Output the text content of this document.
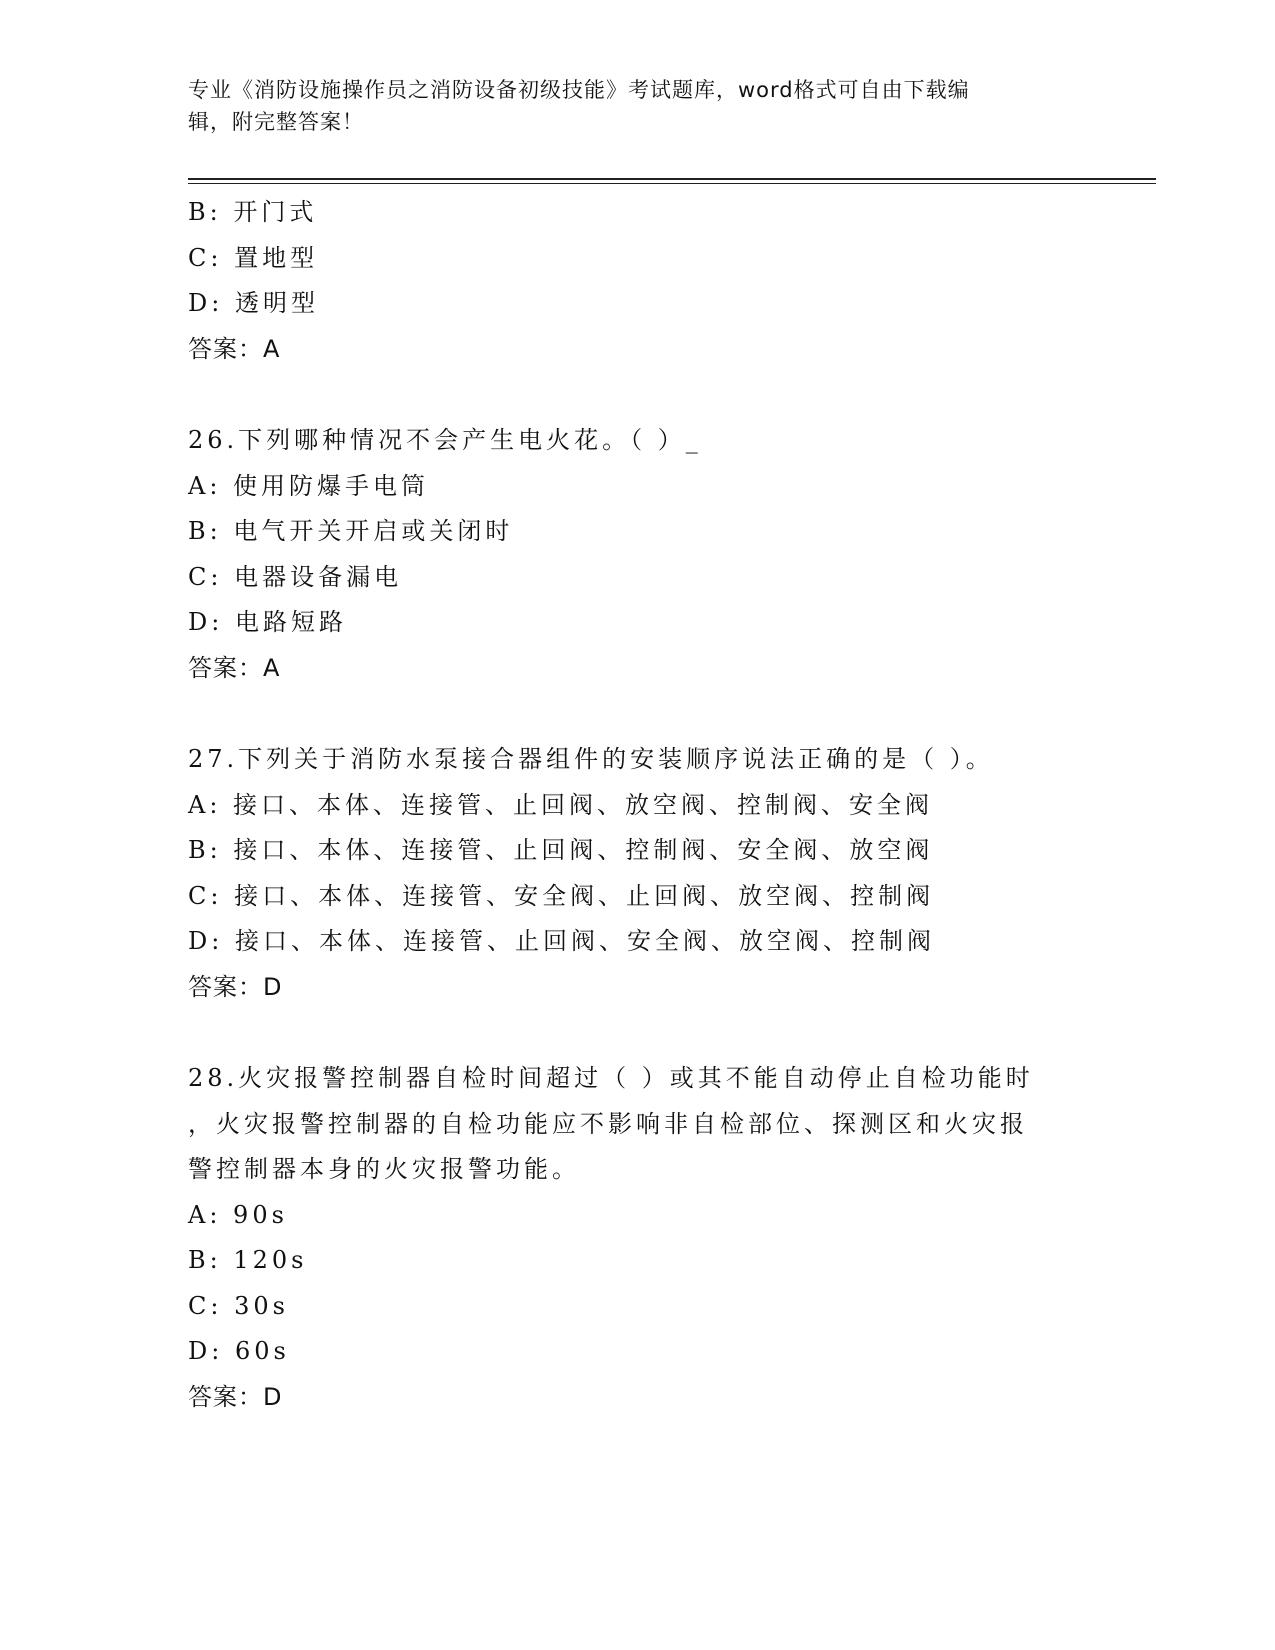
专业《消防设施操作员之消防设备初级技能》考试题库，word格式可自由下载编
辑，附完整答案！
B: 开门式
C: 置地型
D: 透明型
答案：A
26.下列哪种情况不会产生电火花。（ ）_
A: 使用防爆手电筒
B: 电气开关开启或关闭时
C: 电器设备漏电
D: 电路短路
答案：A
27.下列关于消防水泵接合器组件的安装顺序说法正确的是（ ）。
A: 接口、本体、连接管、止回阀、放空阀、控制阀、安全阀
B: 接口、本体、连接管、止回阀、控制阀、安全阀、放空阀
C: 接口、本体、连接管、安全阀、止回阀、放空阀、控制阀
D: 接口、本体、连接管、止回阀、安全阀、放空阀、控制阀
答案：D
28.火灾报警控制器自检时间超过（ ）或其不能自动停止自检功能时
，火灾报警控制器的自检功能应不影响非自检部位、探测区和火灾报
警控制器本身的火灾报警功能。
A: 90s
B: 120s
C: 30s
D: 60s
答案：D
